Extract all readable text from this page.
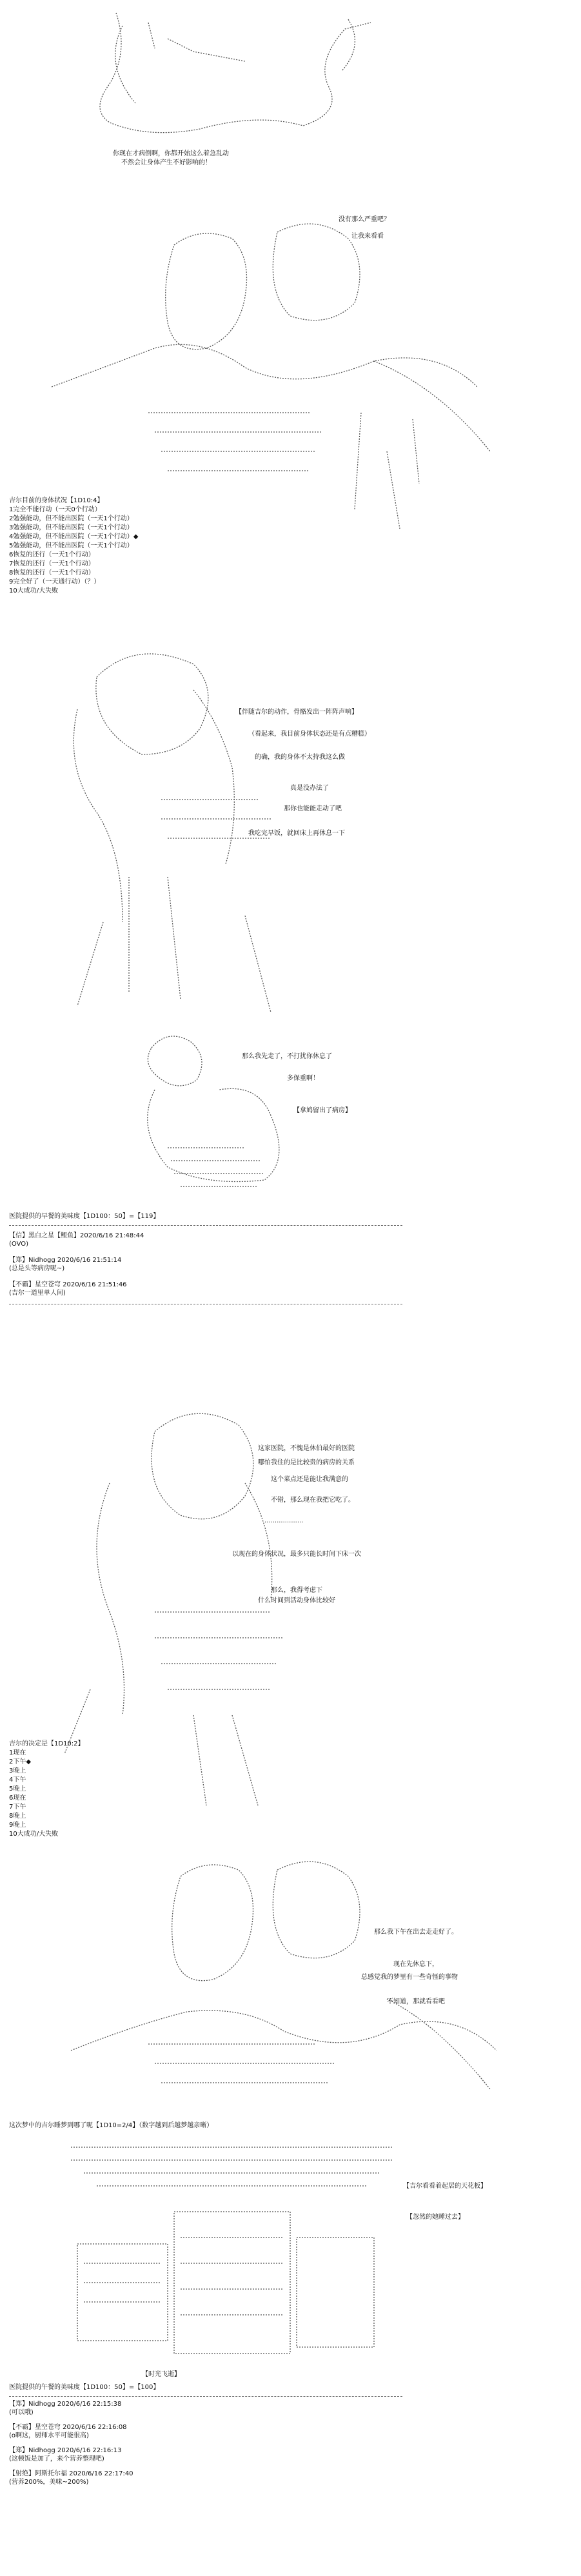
你现在才病倒啊，你都开始这么着急乱动
不然会让身体产生不好影响的！
没有那么严重吧？
让我来看看
吉尔目前的身体状况【1D10:4】
1完全不能行动（一天0个行动）
2勉强能动，但不能出医院（一天1个行动）
3勉强能动，但不能出医院（一天1个行动）
4勉强能动，但不能出医院（一天1个行动）◆
5勉强能动，但不能出医院（一天1个行动）
6恢复的还行（一天1个行动）
7恢复的还行（一天1个行动）
8恢复的还行（一天1个行动）
9完全好了（一天通行动）（？）
10大成功/大失败
【伴随吉尔的动作，骨骼发出一阵阵声响】
（看起来，我目前身体状态还是有点糟糕）
的确，我的身体不太持我这么做
真是没办法了
那你也能能走动了吧
我吃完早饭，就回床上再休息一下
那么我先走了，不打扰你休息了
多保重啊！
【拿鸠留出了病房】
医院提供的早餐的美味度【1D100：50】=【119】
【信】黑白之星【鲤鱼】2020/6/16 21:48:44
(OVO)
【郑】Nidhogg 2020/6/16 21:51:14
(总是头等病房呢~)
【不霸】星空苍穹 2020/6/16 21:51:46
(吉尔一道里单人间)
这家医院，不愧是休伯最好的医院
哪怕我住的是比较贵的病房的关系
这个菜点还是能让我满意的
不错，那么现在我把它吃了。
...................
以现在的身体状况，最多只能长时间下床一次
那么，我得考虑下
什么时间到活动身体比较好
吉尔的决定是【1D10:2】
1现在
2下午◆
3晚上
4下午
5晚上
6现在
7下午
8晚上
9晚上
10大成功/大失败
那么我下午在出去走走好了。
现在先休息下，
总感觉我的梦里有一些奇怪的事物
不知道，那就看看吧
这次梦中的吉尔睡梦到哪了呢【1D10=2/4】（数字越到后越梦越亲晰）
【吉尔看看着起居的天花板】
【忽然的她睡过去】
【时光飞逝】
医院提供的午餐的美味度【1D100：50】=【100】
【郑】Nidhogg 2020/6/16 22:15:38
(可以哦)
【不霸】星空苍穹 2020/6/16 22:16:08
(o啊这，厨师水平可能很高)
【郑】Nidhogg 2020/6/16 22:16:13
(这顿饭是加了，来个营养整理吧)
【射绝】阿斯托尔福 2020/6/16 22:17:40
(营养200%，美味~200%)
